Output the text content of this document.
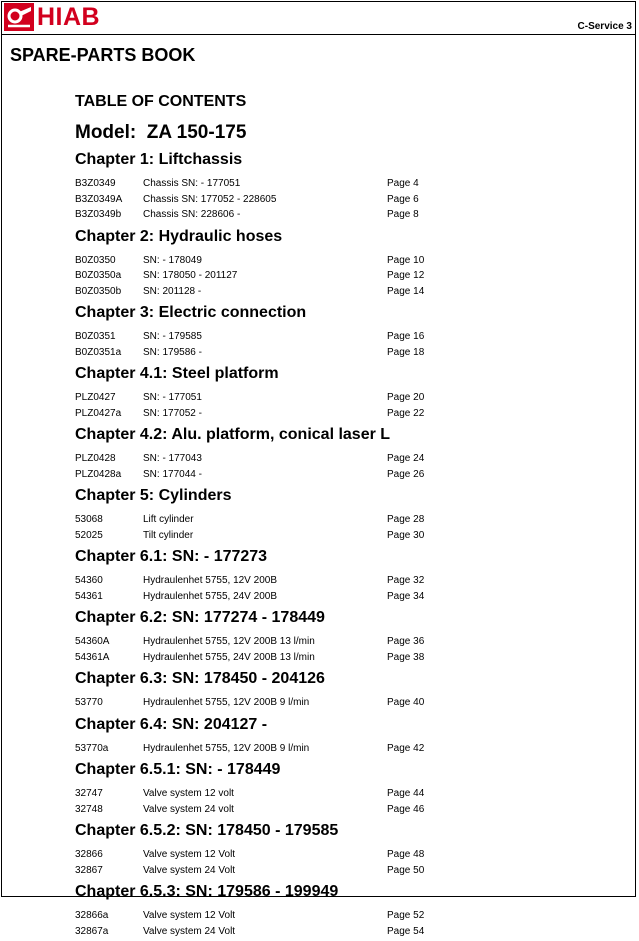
HIAB	C-Service 3
SPARE-PARTS BOOK
TABLE OF CONTENTS
Model:  ZA 150-175
Chapter 1: Liftchassis
B3Z0349	Chassis SN: - 177051	Page 4
B3Z0349A Chassis SN: 177052 - 228605	Page 6
B3Z0349b Chassis SN: 228606 -	Page 8
Chapter 2: Hydraulic hoses
B0Z0350	SN: - 178049	Page 10
B0Z0350a SN: 178050 - 201127	Page 12
B0Z0350b SN: 201128 -	Page 14
Chapter 3: Electric connection
B0Z0351	SN: - 179585	Page 16
B0Z0351a SN: 179586 -	Page 18
Chapter 4.1: Steel platform
PLZ0427	SN: - 177051	Page 20
PLZ0427a SN: 177052 -	Page 22
Chapter 4.2: Alu. platform, conical laser L
PLZ0428	SN: - 177043	Page 24
PLZ0428a SN: 177044 -	Page 26
Chapter 5: Cylinders
53068	Lift cylinder	Page 28
52025	Tilt cylinder	Page 30
Chapter 6.1: SN: - 177273
54360	Hydraulenhet 5755, 12V 200B	Page 32
54361	Hydraulenhet 5755, 24V 200B	Page 34
Chapter 6.2: SN: 177274 - 178449
54360A	Hydraulenhet 5755, 12V 200B 13 l/min	Page 36
54361A	Hydraulenhet 5755, 24V 200B 13 l/min	Page 38
Chapter 6.3: SN: 178450 - 204126
53770	Hydraulenhet 5755, 12V 200B 9 l/min	Page 40
Chapter 6.4: SN: 204127 -
53770a	Hydraulenhet 5755, 12V 200B 9 l/min	Page 42
Chapter 6.5.1: SN: - 178449
32747	Valve system 12 volt	Page 44
32748	Valve system 24 volt	Page 46
Chapter 6.5.2: SN: 178450 - 179585
32866	Valve system 12 Volt	Page 48
32867	Valve system 24 Volt	Page 50
Chapter 6.5.3: SN: 179586 - 199949
32866a	Valve system 12 Volt	Page 52
32867a	Valve system 24 Volt	Page 54
